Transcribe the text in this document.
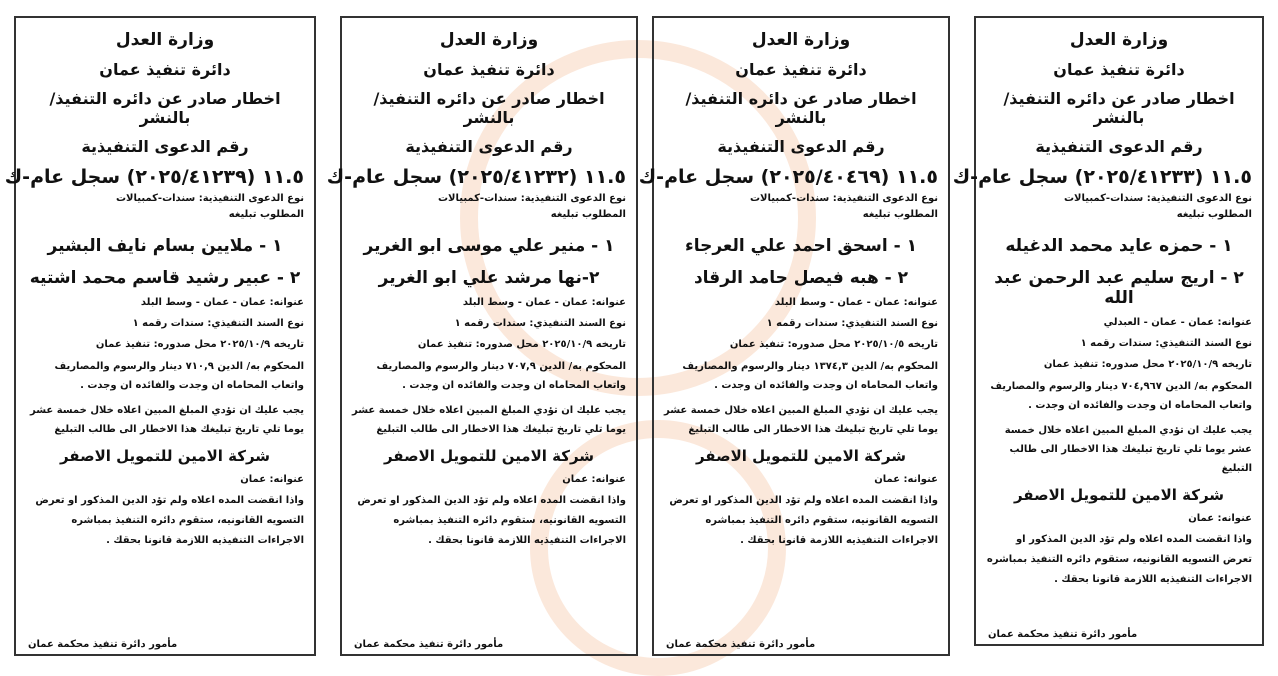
وزارة العدل
دائرة تنفيذ عمان
اخطار صادر عن دائره التنفيذ/ بالنشر
رقم الدعوى التنفيذية
١١.٥ (٢٠٢٥/٤١٢٣٣) سجل عام-ك
نوع الدعوى التنفيذية: سندات-كمبيالات
المطلوب تبليغه
١ - حمزه عايد محمد الدغيله
٢ - اريج سليم عبد الرحمن عبد الله
عنوانه: عمان - عمان - العبدلي
نوع السند التنفيذي: سندات رقمه ١
تاريخه ٢٠٢٥/١٠/٩ محل صدوره: تنفيذ عمان
المحكوم به/ الدين ٧٠٤,٩٦٧ دينار والرسوم والمصاريف واتعاب المحاماه ان وجدت والفائده ان وجدت .
يجب عليك ان تؤدي المبلغ المبين اعلاه خلال خمسة عشر يوما تلي تاريخ تبليغك هذا الاخطار الى طالب التبليغ
شركة الامين للتمويل الاصفر
عنوانه: عمان
واذا انقضت المده اعلاه ولم تؤد الدين المذكور او تعرض التسويه القانونيه، ستقوم دائره التنفيذ بمباشره الاجراءات التنفيذيه اللازمة قانونا بحقك .
مأمور دائرة تنفيذ محكمة عمان
وزارة العدل
دائرة تنفيذ عمان
اخطار صادر عن دائره التنفيذ/ بالنشر
رقم الدعوى التنفيذية
١١.٥ (٢٠٢٥/٤٠٤٦٩) سجل عام-ك
نوع الدعوى التنفيذية: سندات-كمبيالات
المطلوب تبليغه
١ - اسحق احمد علي العرجاء
٢ - هبه فيصل حامد الرقاد
عنوانه: عمان - عمان - وسط البلد
نوع السند التنفيذي: سندات رقمه ١
تاريخه ٢٠٢٥/١٠/٥ محل صدوره: تنفيذ عمان
المحكوم به/ الدين ١٣٧٤,٣ دينار والرسوم والمصاريف واتعاب المحاماه ان وجدت والفائده ان وجدت .
يجب عليك ان تؤدي المبلغ المبين اعلاه خلال خمسة عشر يوما تلي تاريخ تبليغك هذا الاخطار الى طالب التبليغ
شركة الامين للتمويل الاصفر
عنوانه: عمان
واذا انقضت المده اعلاه ولم تؤد الدين المذكور او تعرض التسويه القانونيه، ستقوم دائره التنفيذ بمباشره الاجراءات التنفيذيه اللازمة قانونا بحقك .
مأمور دائرة تنفيذ محكمة عمان
وزارة العدل
دائرة تنفيذ عمان
اخطار صادر عن دائره التنفيذ/ بالنشر
رقم الدعوى التنفيذية
١١.٥ (٢٠٢٥/٤١٢٣٢) سجل عام-ك
نوع الدعوى التنفيذية: سندات-كمبيالات
المطلوب تبليغه
١ - منير علي موسى ابو الغرير
٢-نها مرشد علي ابو الغرير
عنوانه: عمان - عمان - وسط البلد
نوع السند التنفيذي: سندات رقمه ١
تاريخه ٢٠٢٥/١٠/٩ محل صدوره: تنفيذ عمان
المحكوم به/ الدين ٧٠٧,٩ دينار والرسوم والمصاريف واتعاب المحاماه ان وجدت والفائده ان وجدت .
يجب عليك ان تؤدي المبلغ المبين اعلاه خلال خمسة عشر يوما تلي تاريخ تبليغك هذا الاخطار الى طالب التبليغ
شركة الامين للتمويل الاصفر
عنوانه: عمان
واذا انقضت المده اعلاه ولم تؤد الدين المذكور او تعرض التسويه القانونيه، ستقوم دائره التنفيذ بمباشره الاجراءات التنفيذيه اللازمة قانونا بحقك .
مأمور دائرة تنفيذ محكمة عمان
وزارة العدل
دائرة تنفيذ عمان
اخطار صادر عن دائره التنفيذ/ بالنشر
رقم الدعوى التنفيذية
١١.٥ (٢٠٢٥/٤١٢٣٩) سجل عام-ك
نوع الدعوى التنفيذية: سندات-كمبيالات
المطلوب تبليغه
١ - ملايين بسام نايف البشير
٢ - عبير رشيد قاسم محمد اشتيه
عنوانه: عمان - عمان - وسط البلد
نوع السند التنفيذي: سندات رقمه ١
تاريخه ٢٠٢٥/١٠/٩ محل صدوره: تنفيذ عمان
المحكوم به/ الدين ٧١٠,٩ دينار والرسوم والمصاريف واتعاب المحاماه ان وجدت والفائده ان وجدت .
يجب عليك ان تؤدي المبلغ المبين اعلاه خلال خمسة عشر يوما تلي تاريخ تبليغك هذا الاخطار الى طالب التبليغ
شركة الامين للتمويل الاصفر
عنوانه: عمان
واذا انقضت المده اعلاه ولم تؤد الدين المذكور او تعرض التسويه القانونيه، ستقوم دائره التنفيذ بمباشره الاجراءات التنفيذيه اللازمة قانونا بحقك .
مأمور دائرة تنفيذ محكمة عمان
